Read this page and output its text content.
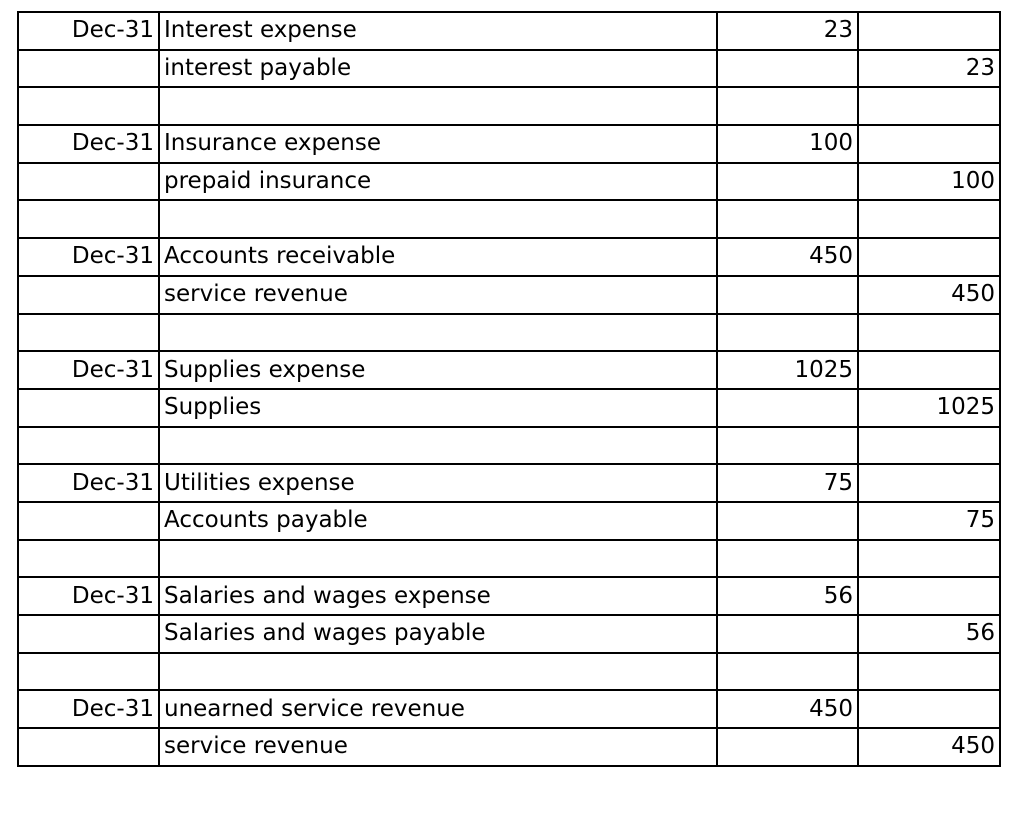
Dec-31	Interest expense	23	
	interest payable		23

Dec-31	Insurance expense	100	
	prepaid insurance		100

Dec-31	Accounts receivable	450	
	service revenue		450

Dec-31	Supplies expense	1025	
	Supplies		1025

Dec-31	Utilities expense	75	
	Accounts payable		75

Dec-31	Salaries and wages expense	56	
	Salaries and wages payable		56

Dec-31	unearned service revenue	450	
	service revenue		450
